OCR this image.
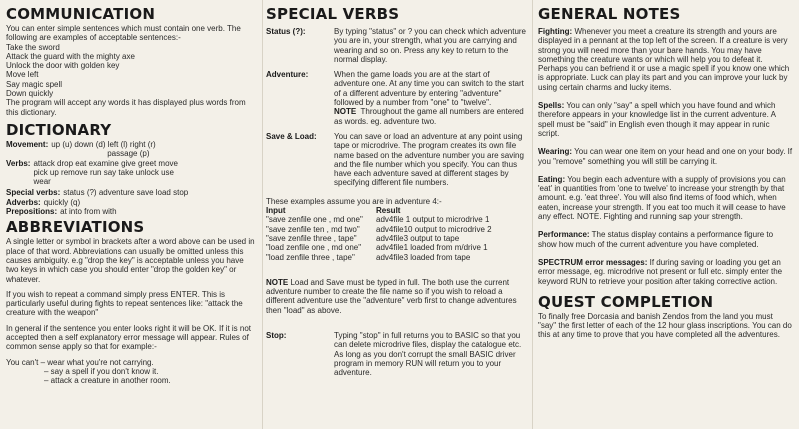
COMMUNICATION

You can enter simple sentences which must contain one verb. The following are examples of acceptable sentences:-

Take the sword

Attack the guard with the mighty axe

Unlock the door with golden key

Move left

Say magic spell

Down quickly

The program will accept any words it has displayed plus words from this dictionary.

DICTIONARY
Movement: up (u) down (d) left (l) right (r)
passage (p)
Verbs: attack drop eat examine give greet move
pick up remove run say take unlock use
wear
Special verbs: status (?) adventure save load stop
Adverbs: quickly (q)
Prepositions: at into from with
ABBREVIATIONS

A single letter or symbol in brackets after a word above can be used in place of that word. Abbreviations can usually be omitted unless this causes ambiguity. e.g "drop the key" is acceptable unless you have two keys in which case you should enter "drop the golden key" or whatever.

If you wish to repeat a command simply press ENTER. This is particularly useful during fights to repeat sentences like: "attack the creature with the weapon"

In general if the sentence you enter looks right it will be OK. If it is not accepted then a self explanatory error message will appear. Rules of common sense apply so that for example:-

You can't – wear what you're not carrying.

– say a spell if you don't know it.

– attack a creature in another room.

SPECIAL VERBS
Status (?):	By typing "status" or ? you can check which adventure you are in, your strength, what you are carrying and wearing and so on. Press any key to return to the normal display.
Adventure:	When the game loads you are at the start of adventure one. At any time you can switch to the start of a different adventure by entering "adventure" followed by a number from "one" to "twelve".
NOTE Throughout the game all numbers are entered as words. eg. adventure two.
Save & Load:	You can save or load an adventure at any point using tape or microdrive. The program creates its own file name based on the adventure number you are saving and the file number which you specify. You can thus have each adventure saved at different stages by specifying different file numbers.

These examples assume you are in adventure 4:-

Input	Result
"save zenfile one , md one"	adv4file 1 output to microdrive 1
"save zenfile ten , md two"	adv4file10 output to microdrive 2
"save zenfile three , tape"	adv4file3 output to tape
"load zenfile one , md one"	adv4file1 loaded from m/drive 1
"load zenfile three , tape"	adv4file3 loaded from tape

NOTE Load and Save must be typed in full. The both use the current adventure number to create the file name so if you wish to reload a different adventure use the "adventure" verb first to change adventures then "load" as above.

Stop:	Typing "stop" in full returns you to BASIC so that you can delete microdrive files, display the catalogue etc. As long as you don't corrupt the small BASIC driver program in memory RUN will return you to your adventure.
GENERAL NOTES

Fighting: Whenever you meet a creature its strength and yours are displayed in a pennant at the top left of the screen. If a creature is very strong you will need more than your bare hands. You may have something the creature wants or which will help you to defeat it. Perhaps you can befriend it or use a magic spell if you know one which is appropriate. Luck can play its part and you can improve your luck by using certain charms and lucky items.

Spells: You can only "say" a spell which you have found and which therefore appears in your knowledge list in the current adventure. A spell must be "said" in English even though it may appear in runic script.

Wearing: You can wear one item on your head and one on your body. If you "remove" something you will still be carrying it.

Eating: You begin each adventure with a supply of provisions you can 'eat' in quantities from 'one to twelve' to increase your strength by that amount. e.g. 'eat three'. You will also find items of food which, when eaten, increase your strength. If you eat too much it will cease to have any effect. NOTE. Fighting and running sap your strength.

Performance: The status display contains a performance figure to show how much of the current adventure you have completed.

SPECTRUM error messages: If during saving or loading you get an error message, eg. microdrive not present or full etc. simply enter the keyword RUN to retrieve your position after taking corrective action.

QUEST COMPLETION

To finally free Dorcasia and banish Zendos from the land you must "say" the first letter of each of the 12 hour glass inscriptions. You can do this at any time to prove that you have completed all the adventures.
